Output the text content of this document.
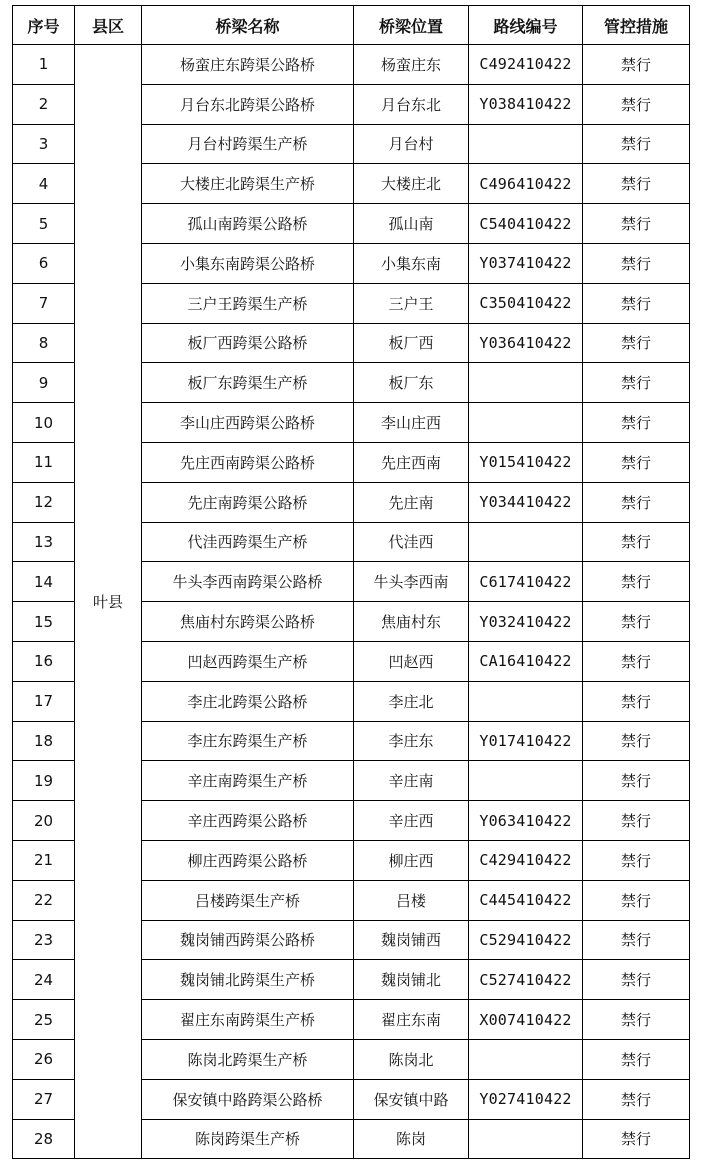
序号	县区	桥梁名称	桥梁位置	路线编号	管控措施
1	叶县	杨蛮庄东跨渠公路桥	杨蛮庄东	C492410422	禁行
2		月台东北跨渠公路桥	月台东北	Y038410422	禁行
3		月台村跨渠生产桥	月台村		禁行
4		大楼庄北跨渠生产桥	大楼庄北	C496410422	禁行
5		孤山南跨渠公路桥	孤山南	C540410422	禁行
6		小集东南跨渠公路桥	小集东南	Y037410422	禁行
7		三户王跨渠生产桥	三户王	C350410422	禁行
8		板厂西跨渠公路桥	板厂西	Y036410422	禁行
9		板厂东跨渠生产桥	板厂东		禁行
10		李山庄西跨渠公路桥	李山庄西		禁行
11		先庄西南跨渠公路桥	先庄西南	Y015410422	禁行
12		先庄南跨渠公路桥	先庄南	Y034410422	禁行
13		代洼西跨渠生产桥	代洼西		禁行
14		牛头李西南跨渠公路桥	牛头李西南	C617410422	禁行
15		焦庙村东跨渠公路桥	焦庙村东	Y032410422	禁行
16		凹赵西跨渠生产桥	凹赵西	CA16410422	禁行
17		李庄北跨渠公路桥	李庄北		禁行
18		李庄东跨渠生产桥	李庄东	Y017410422	禁行
19		辛庄南跨渠生产桥	辛庄南		禁行
20		辛庄西跨渠公路桥	辛庄西	Y063410422	禁行
21		柳庄西跨渠公路桥	柳庄西	C429410422	禁行
22		吕楼跨渠生产桥	吕楼	C445410422	禁行
23		魏岗铺西跨渠公路桥	魏岗铺西	C529410422	禁行
24		魏岗铺北跨渠生产桥	魏岗铺北	C527410422	禁行
25		翟庄东南跨渠生产桥	翟庄东南	X007410422	禁行
26		陈岗北跨渠生产桥	陈岗北		禁行
27		保安镇中路跨渠公路桥	保安镇中路	Y027410422	禁行
28		陈岗跨渠生产桥	陈岗		禁行
